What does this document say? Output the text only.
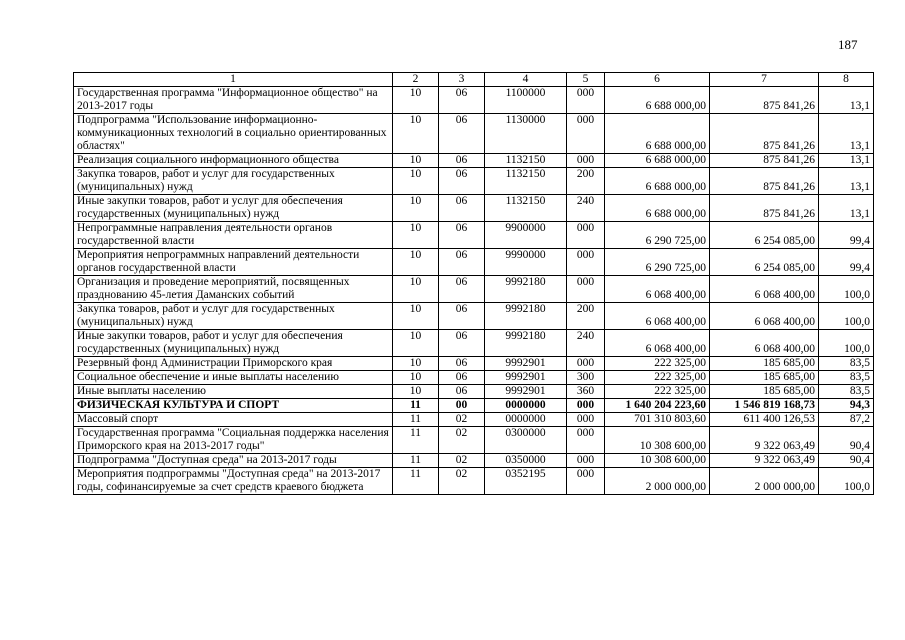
187
1	2	3	4	5	6	7	8
Государственная программа "Информационное общество" на 2013-2017 годы	10	06	1100000	000	6 688 000,00	875 841,26	13,1
Подпрограмма "Использование информационно-коммуникационных технологий в социально ориентированных областях"	10	06	1130000	000	6 688 000,00	875 841,26	13,1
Реализация социального информационного общества	10	06	1132150	000	6 688 000,00	875 841,26	13,1
Закупка товаров, работ и услуг для государственных (муниципальных) нужд	10	06	1132150	200	6 688 000,00	875 841,26	13,1
Иные закупки товаров, работ и услуг для обеспечения государственных (муниципальных) нужд	10	06	1132150	240	6 688 000,00	875 841,26	13,1
Непрограммные направления деятельности органов государственной власти	10	06	9900000	000	6 290 725,00	6 254 085,00	99,4
Мероприятия непрограммных направлений деятельности органов государственной власти	10	06	9990000	000	6 290 725,00	6 254 085,00	99,4
Организация и проведение мероприятий, посвященных празднованию 45-летия Даманских событий	10	06	9992180	000	6 068 400,00	6 068 400,00	100,0
Закупка товаров, работ и услуг для государственных (муниципальных) нужд	10	06	9992180	200	6 068 400,00	6 068 400,00	100,0
Иные закупки товаров, работ и услуг для обеспечения государственных (муниципальных) нужд	10	06	9992180	240	6 068 400,00	6 068 400,00	100,0
Резервный фонд Администрации Приморского края	10	06	9992901	000	222 325,00	185 685,00	83,5
Социальное обеспечение и иные выплаты населению	10	06	9992901	300	222 325,00	185 685,00	83,5
Иные выплаты населению	10	06	9992901	360	222 325,00	185 685,00	83,5
ФИЗИЧЕСКАЯ КУЛЬТУРА И СПОРТ	11	00	0000000	000	1 640 204 223,60	1 546 819 168,73	94,3
Массовый спорт	11	02	0000000	000	701 310 803,60	611 400 126,53	87,2
Государственная программа "Социальная поддержка населения Приморского края на 2013-2017 годы"	11	02	0300000	000	10 308 600,00	9 322 063,49	90,4
Подпрограмма "Доступная среда" на 2013-2017 годы	11	02	0350000	000	10 308 600,00	9 322 063,49	90,4
Мероприятия подпрограммы "Доступная среда" на 2013-2017 годы, софинансируемые за счет средств краевого бюджета	11	02	0352195	000	2 000 000,00	2 000 000,00	100,0
